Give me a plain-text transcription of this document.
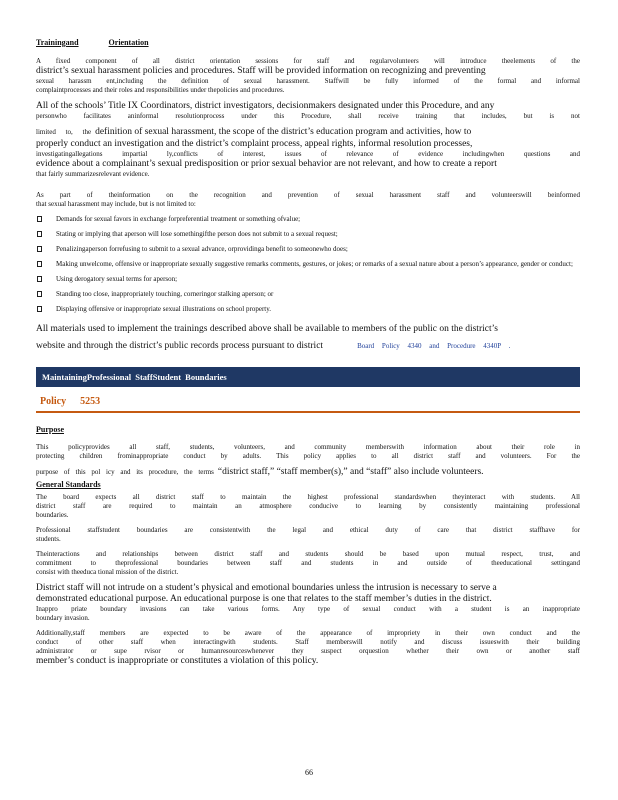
Trainingand	Orientation

A fixed component of all district orientation sessions for staff and regularvolunteers will introduce theelements of the

district’s sexual harassment policies and procedures. Staff will be provided information on recognizing and preventing

sexual harassm ent,including the definition of sexual harassment. Staffwill be fully informed of the formal and informal

complaintprocesses and their roles and responsibilities under thepolicies and procedures.

All of the schools’ Title IX Coordinators, district investigators, decisionmakers designated under this Procedure, and any

personwho facilitates aninformal resolutionprocess under this Procedure, shall receive training that includes, but is not

limited to, the definition of sexual harassment, the scope of the district’s education program and activities, how to

properly conduct an investigation and the district’s complaint process, appeal rights, informal resolution processes,

investigatingallegations impartial ly,conflicts of interest, issues of relevance of evidence includingwhen questions and

evidence about a complainant’s sexual predisposition or prior sexual behavior are not relevant, and how to create a report

that fairly summarizesrelevant evidence.

As part of theinformation on the recognition and prevention of sexual harassment staff and volunteerswill beinformed

that sexual harassment may include, but is not limited to:

Demands for sexual favors in exchange forpreferential treatment or something ofvalue;
Stating or implying that aperson will lose somethingifthe person does not submit to a sexual request;
Penalizingaperson forrefusing to submit to a sexual advance, orprovidinga benefit to someonewho does;
Making unwelcome, offensive or inappropriate sexually suggestive remarks comments, gestures, or jokes; or remarks of a sexual nature about a person’s appearance, gender or conduct;
Using derogatory sexual terms for aperson;
Standing too close, inappropriately touching, corneringor stalking aperson; or
Displaying offensive or inappropriate sexual illustrations on school property.

All materials used to implement the trainings described above shall be available to members of the public on the district’s

website and through the district’s public records process pursuant to district	Board Policy 4340 and Procedure 4340P .

MaintainingProfessional StaffStudent Boundaries
Policy 5253
Purpose

This policyprovides all staff, students, volunteers, and community memberswith information about their role in

protecting children frominappropriate conduct by adults. This policy applies to all district staff and volunteers. For the

purpose of this pol icy and its procedure, the terms “district staff,” “staff member(s),” and “staff” also include volunteers.

General Standards

The board expects all district staff to maintain the highest professional standardswhen theyinteract with students. All

district staff are required to maintain an atmosphere conducive to learning by consistently maintaining professional

boundaries.

Professional staffstudent boundaries are consistentwith the legal and ethical duty of care that district staffhave for

students.

Theinteractions and relationships between district staff and students should be based upon mutual respect, trust, and

commitment to theprofessional boundaries between staff and students in and outside of theeducational settingand

consist with theeduca tional mission of the district.

District staff will not intrude on a student’s physical and emotional boundaries unless the intrusion is necessary to serve a

demonstrated educational purpose. An educational purpose is one that relates to the staff member’s duties in the district.

Inappro priate boundary invasions can take various forms. Any type of sexual conduct with a student is an inappropriate

boundary invasion.

Additionally,staff members are expected to be aware of the appearance of impropriety in their own conduct and the

conduct of other staff when interactingwith students. Staff memberswill notify and discuss issueswith their building

administrator or supe rvisor or humanresourceswhenever they suspect orquestion whether their own or another staff

member’s conduct is inappropriate or constitutes a violation of this policy.

66
